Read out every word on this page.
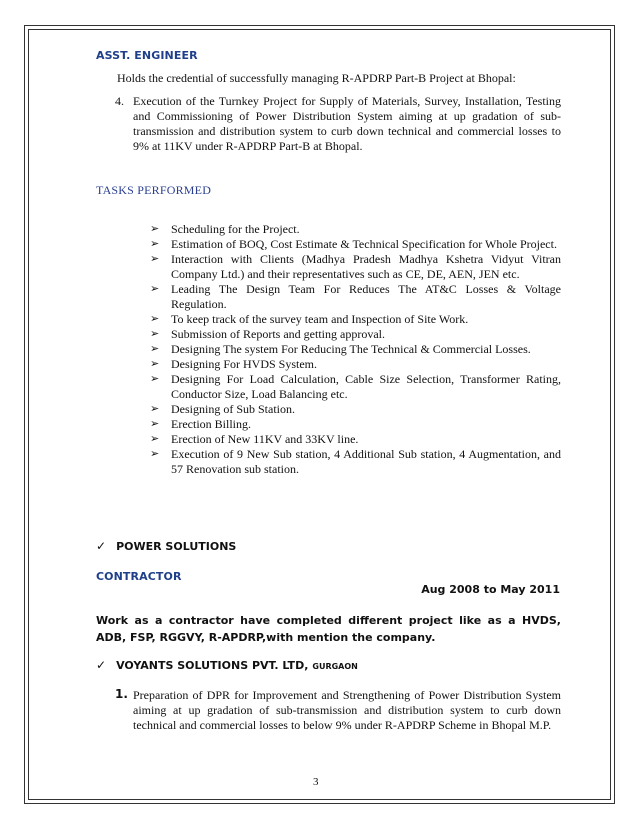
ASST. ENGINEER
Holds the credential of successfully managing R-APDRP Part-B Project at Bhopal:
4. Execution of the Turnkey Project for Supply of Materials, Survey, Installation, Testing and Commissioning of Power Distribution System aiming at up gradation of sub-transmission and distribution system to curb down technical and commercial losses to 9% at 11KV under R-APDRP Part-B at Bhopal.
TASKS PERFORMED
➢ Scheduling for the Project.
➢ Estimation of BOQ, Cost Estimate & Technical Specification for Whole Project.
➢ Interaction with Clients (Madhya Pradesh Madhya Kshetra Vidyut Vitran Company Ltd.) and their representatives such as CE, DE, AEN, JEN etc.
➢ Leading The Design Team For Reduces The AT&C Losses & Voltage Regulation.
➢ To keep track of the survey team and Inspection of Site Work.
➢ Submission of Reports and getting approval.
➢ Designing The system For Reducing The Technical & Commercial Losses.
➢ Designing For HVDS System.
➢ Designing For Load Calculation, Cable Size Selection, Transformer Rating, Conductor Size, Load Balancing etc.
➢ Designing of Sub Station.
➢ Erection Billing.
➢ Erection of New 11KV and 33KV line.
➢ Execution of 9 New Sub station, 4 Additional Sub station, 4 Augmentation, and 57 Renovation sub station.
✓ POWER SOLUTIONS
CONTRACTOR
Aug 2008 to May 2011
Work as a contractor have completed different project like as a HVDS, ADB, FSP, RGGVY, R-APDRP,with mention the company.
✓ VOYANTS SOLUTIONS PVT. LTD, GURGAON
1. Preparation of DPR for Improvement and Strengthening of Power Distribution System aiming at up gradation of sub-transmission and distribution system to curb down technical and commercial losses to below 9% under R-APDRP Scheme in Bhopal M.P.
3
